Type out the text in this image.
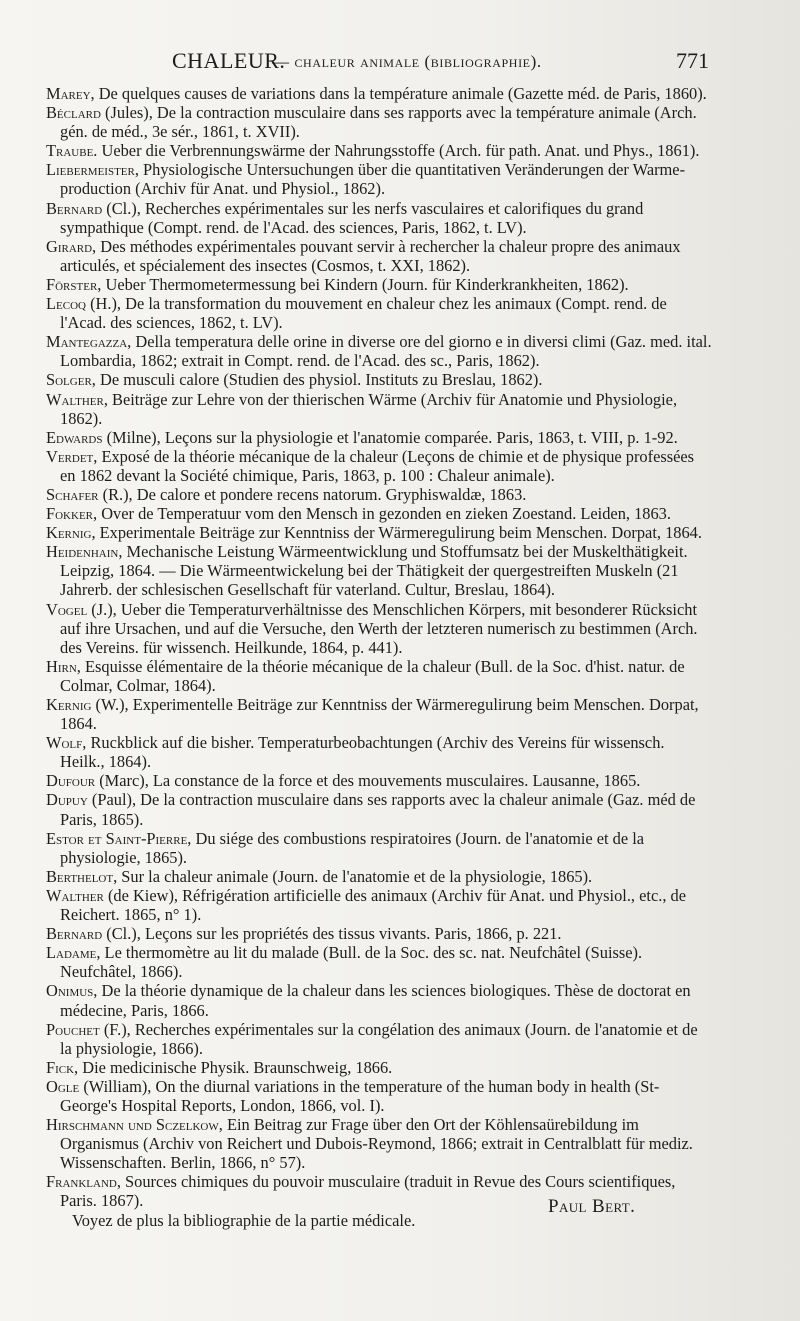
CHALEUR.
— chaleur animale (bibliographie).	771

Marey, De quelques causes de variations dans la température animale (Gazette méd. de Paris, 1860).

Béclard (Jules), De la contraction musculaire dans ses rapports avec la température animale (Arch. gén. de méd., 3e sér., 1861, t. XVII).

Traube. Ueber die Verbrennungswärme der Nahrungsstoffe (Arch. für path. Anat. und Phys., 1861).

Liebermeister, Physiologische Untersuchungen über die quantitativen Veränderungen der Warme-production (Archiv für Anat. und Physiol., 1862).

Bernard (Cl.), Recherches expérimentales sur les nerfs vasculaires et calorifiques du grand sympathique (Compt. rend. de l'Acad. des sciences, Paris, 1862, t. LV).

Girard, Des méthodes expérimentales pouvant servir à rechercher la chaleur propre des animaux articulés, et spécialement des insectes (Cosmos, t. XXI, 1862).

Förster, Ueber Thermometermessung bei Kindern (Journ. für Kinderkrankheiten, 1862).

Lecoq (H.), De la transformation du mouvement en chaleur chez les animaux (Compt. rend. de l'Acad. des sciences, 1862, t. LV).

Mantegazza, Della temperatura delle orine in diverse ore del giorno e in diversi climi (Gaz. med. ital. Lombardia, 1862; extrait in Compt. rend. de l'Acad. des sc., Paris, 1862).

Solger, De musculi calore (Studien des physiol. Instituts zu Breslau, 1862).

Walther, Beiträge zur Lehre von der thierischen Wärme (Archiv für Anatomie und Physiologie, 1862).

Edwards (Milne), Leçons sur la physiologie et l'anatomie comparée. Paris, 1863, t. VIII, p. 1-92.

Verdet, Exposé de la théorie mécanique de la chaleur (Leçons de chimie et de physique professées en 1862 devant la Société chimique, Paris, 1863, p. 100 : Chaleur animale).

Schafer (R.), De calore et pondere recens natorum. Gryphiswaldæ, 1863.

Fokker, Over de Temperatuur vom den Mensch in gezonden en zieken Zoestand. Leiden, 1863.

Kernig, Experimentale Beiträge zur Kenntniss der Wärmeregulirung beim Menschen. Dorpat, 1864.

Heidenhain, Mechanische Leistung Wärmeentwicklung und Stoffumsatz bei der Muskelthätigkeit. Leipzig, 1864. — Die Wärmeentwickelung bei der Thätigkeit der quergestreiften Muskeln (21 Jahrerb. der schlesischen Gesellschaft für vaterland. Cultur, Breslau, 1864).

Vogel (J.), Ueber die Temperaturverhältnisse des Menschlichen Körpers, mit besonderer Rücksicht auf ihre Ursachen, und auf die Versuche, den Werth der letzteren numerisch zu bestimmen (Arch. des Vereins. für wissench. Heilkunde, 1864, p. 441).

Hirn, Esquisse élémentaire de la théorie mécanique de la chaleur (Bull. de la Soc. d'hist. natur. de Colmar, Colmar, 1864).

Kernig (W.), Experimentelle Beiträge zur Kenntniss der Wärmeregulirung beim Menschen. Dorpat, 1864.

Wolf, Ruckblick auf die bisher. Temperaturbeobachtungen (Archiv des Vereins für wissensch. Heilk., 1864).

Dufour (Marc), La constance de la force et des mouvements musculaires. Lausanne, 1865.

Dupuy (Paul), De la contraction musculaire dans ses rapports avec la chaleur animale (Gaz. méd de Paris, 1865).

Estor et Saint-Pierre, Du siége des combustions respiratoires (Journ. de l'anatomie et de la physiologie, 1865).

Berthelot, Sur la chaleur animale (Journ. de l'anatomie et de la physiologie, 1865).

Walther (de Kiew), Réfrigération artificielle des animaux (Archiv für Anat. und Physiol., etc., de Reichert. 1865, n° 1).

Bernard (Cl.), Leçons sur les propriétés des tissus vivants. Paris, 1866, p. 221.

Ladame, Le thermomètre au lit du malade (Bull. de la Soc. des sc. nat. Neufchâtel (Suisse). Neufchâtel, 1866).

Onimus, De la théorie dynamique de la chaleur dans les sciences biologiques. Thèse de doctorat en médecine, Paris, 1866.

Pouchet (F.), Recherches expérimentales sur la congélation des animaux (Journ. de l'anatomie et de la physiologie, 1866).

Fick, Die medicinische Physik. Braunschweig, 1866.

Ogle (William), On the diurnal variations in the temperature of the human body in health (St-George's Hospital Reports, London, 1866, vol. I).

Hirschmann und Sczelkow, Ein Beitrag zur Frage über den Ort der Köhlensaürebildung im Organismus (Archiv von Reichert und Dubois-Reymond, 1866; extrait in Centralblatt für mediz. Wissenschaften. Berlin, 1866, n° 57).

Frankland, Sources chimiques du pouvoir musculaire (traduit in Revue des Cours scientifiques, Paris. 1867).

Voyez de plus la bibliographie de la partie médicale.

Paul Bert.
